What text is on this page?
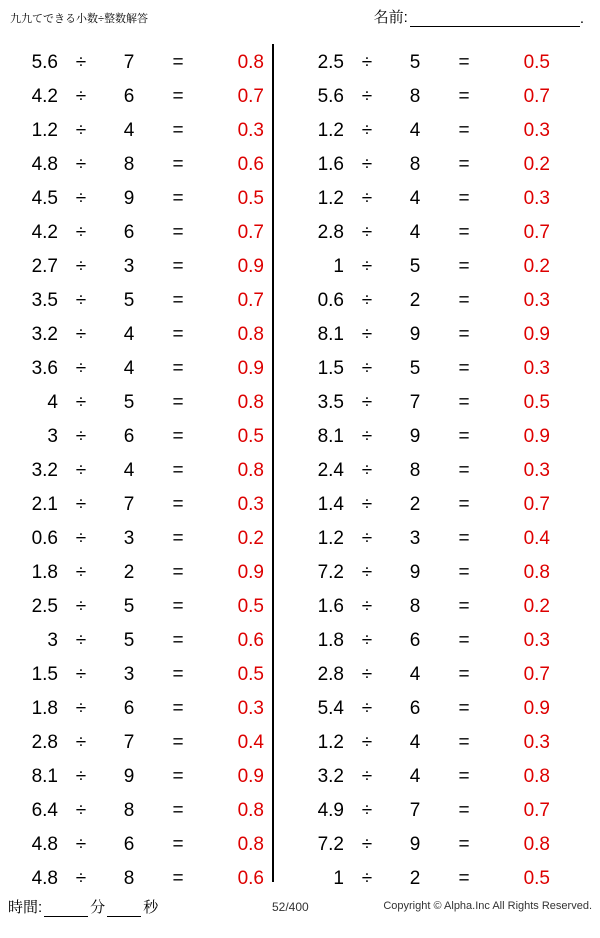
九九てできる小数÷整数解答	名前:	.
5.6 ÷	7	=	0.8
4.2 ÷	6	=	0.7
1.2 ÷	4	=	0.3
4.8 ÷	8	=	0.6
4.5 ÷	9	=	0.5
4.2 ÷	6	=	0.7
2.7 ÷	3	=	0.9
3.5 ÷	5	=	0.7
3.2 ÷	4	=	0.8
3.6 ÷	4	=	0.9
4 ÷	5	=	0.8
3 ÷	6	=	0.5
3.2 ÷	4	=	0.8
2.1 ÷	7	=	0.3
0.6 ÷	3	=	0.2
1.8 ÷	2	=	0.9
2.5 ÷	5	=	0.5
3 ÷	5	=	0.6
1.5 ÷	3	=	0.5
1.8 ÷	6	=	0.3
2.8 ÷	7	=	0.4
8.1 ÷	9	=	0.9
6.4 ÷	8	=	0.8
4.8 ÷	6	=	0.8
4.8 ÷	8	=	0.6
2.5 ÷	5	=	0.5
5.6 ÷	8	=	0.7
1.2 ÷	4	=	0.3
1.6 ÷	8	=	0.2
1.2 ÷	4	=	0.3
2.8 ÷	4	=	0.7
1 ÷	5	=	0.2
0.6 ÷	2	=	0.3
8.1 ÷	9	=	0.9
1.5 ÷	5	=	0.3
3.5 ÷	7	=	0.5
8.1 ÷	9	=	0.9
2.4 ÷	8	=	0.3
1.4 ÷	2	=	0.7
1.2 ÷	3	=	0.4
7.2 ÷	9	=	0.8
1.6 ÷	8	=	0.2
1.8 ÷	6	=	0.3
2.8 ÷	4	=	0.7
5.4 ÷	6	=	0.9
1.2 ÷	4	=	0.3
3.2 ÷	4	=	0.8
4.9 ÷	7	=	0.7
7.2 ÷	9	=	0.8
1 ÷	2	=	0.5
時間:	分	秒	52/400	Copyright © Alpha.Inc All Rights Reserved.
